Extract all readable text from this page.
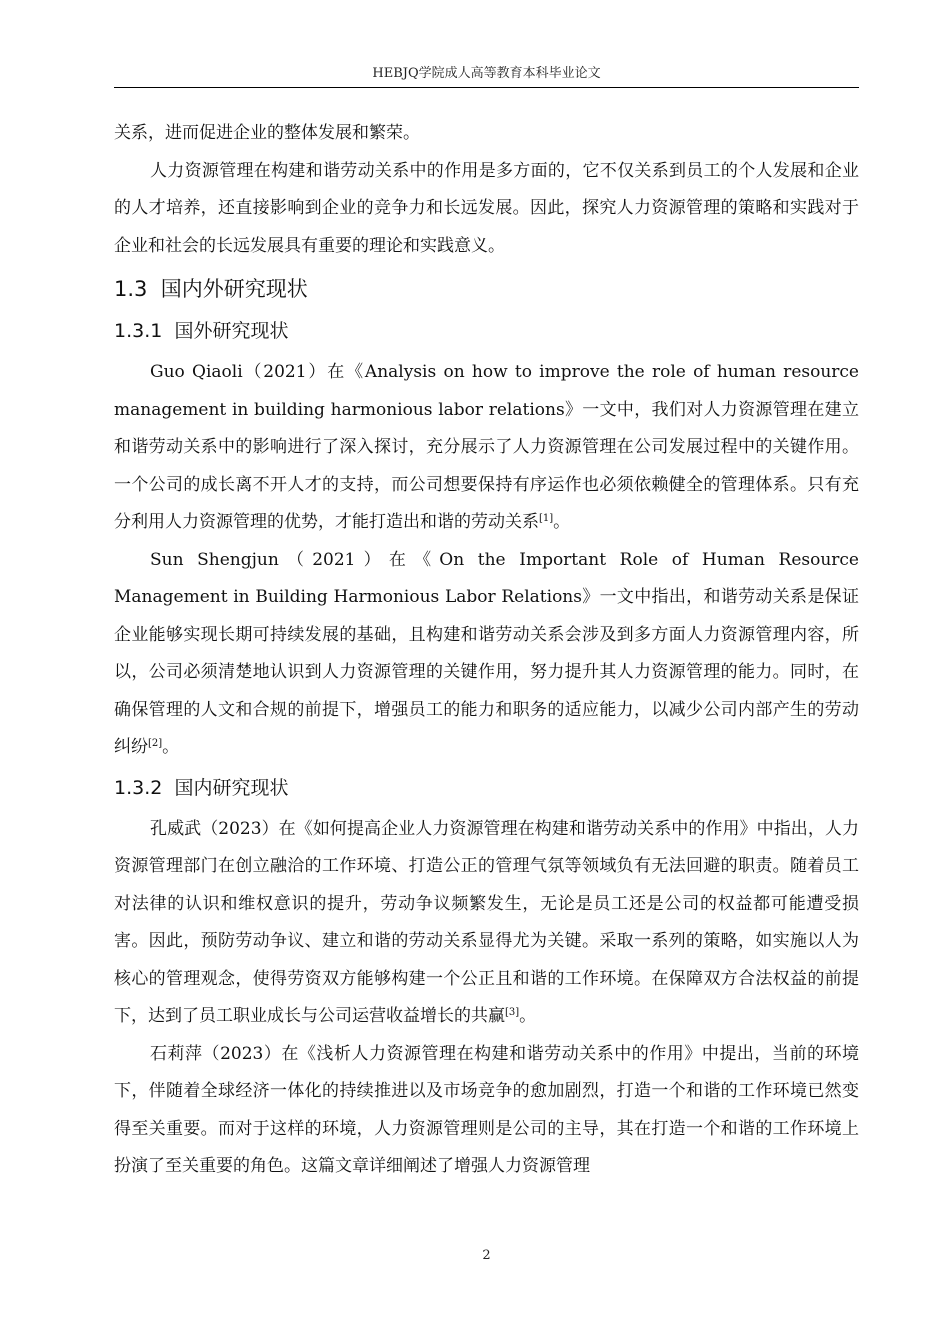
HEBJQ学院成人高等教育本科毕业论文

关系，进而促进企业的整体发展和繁荣。

人力资源管理在构建和谐劳动关系中的作用是多方面的，它不仅关系到员工的个人发展和企业的人才培养，还直接影响到企业的竞争力和长远发展。因此，探究人力资源管理的策略和实践对于企业和社会的长远发展具有重要的理论和实践意义。

1.3 国内外研究现状
1.3.1 国外研究现状

Guo Qiaoli（2021）在《Analysis on how to improve the role of human resource management in building harmonious labor relations》一文中，我们对人力资源管理在建立和谐劳动关系中的影响进行了深入探讨，充分展示了人力资源管理在公司发展过程中的关键作用。一个公司的成长离不开人才的支持，而公司想要保持有序运作也必须依赖健全的管理体系。只有充分利用人力资源管理的优势，才能打造出和谐的劳动关系[1]。

Sun Shengjun（2021）在《On the Important Role of Human Resource Management in Building Harmonious Labor Relations》一文中指出，和谐劳动关系是保证企业能够实现长期可持续发展的基础，且构建和谐劳动关系会涉及到多方面人力资源管理内容，所以，公司必须清楚地认识到人力资源管理的关键作用，努力提升其人力资源管理的能力。同时，在确保管理的人文和合规的前提下，增强员工的能力和职务的适应能力，以减少公司内部产生的劳动纠纷[2]。

1.3.2 国内研究现状

孔威武（2023）在《如何提高企业人力资源管理在构建和谐劳动关系中的作用》中指出，人力资源管理部门在创立融洽的工作环境、打造公正的管理气氛等领域负有无法回避的职责。随着员工对法律的认识和维权意识的提升，劳动争议频繁发生，无论是员工还是公司的权益都可能遭受损害。因此，预防劳动争议、建立和谐的劳动关系显得尤为关键。采取一系列的策略，如实施以人为核心的管理观念，使得劳资双方能够构建一个公正且和谐的工作环境。在保障双方合法权益的前提下，达到了员工职业成长与公司运营收益增长的共赢[3]。

石莉萍（2023）在《浅析人力资源管理在构建和谐劳动关系中的作用》中提出，当前的环境下，伴随着全球经济一体化的持续推进以及市场竞争的愈加剧烈，打造一个和谐的工作环境已然变得至关重要。而对于这样的环境，人力资源管理则是公司的主导，其在打造一个和谐的工作环境上扮演了至关重要的角色。这篇文章详细阐述了增强人力资源管理

2
